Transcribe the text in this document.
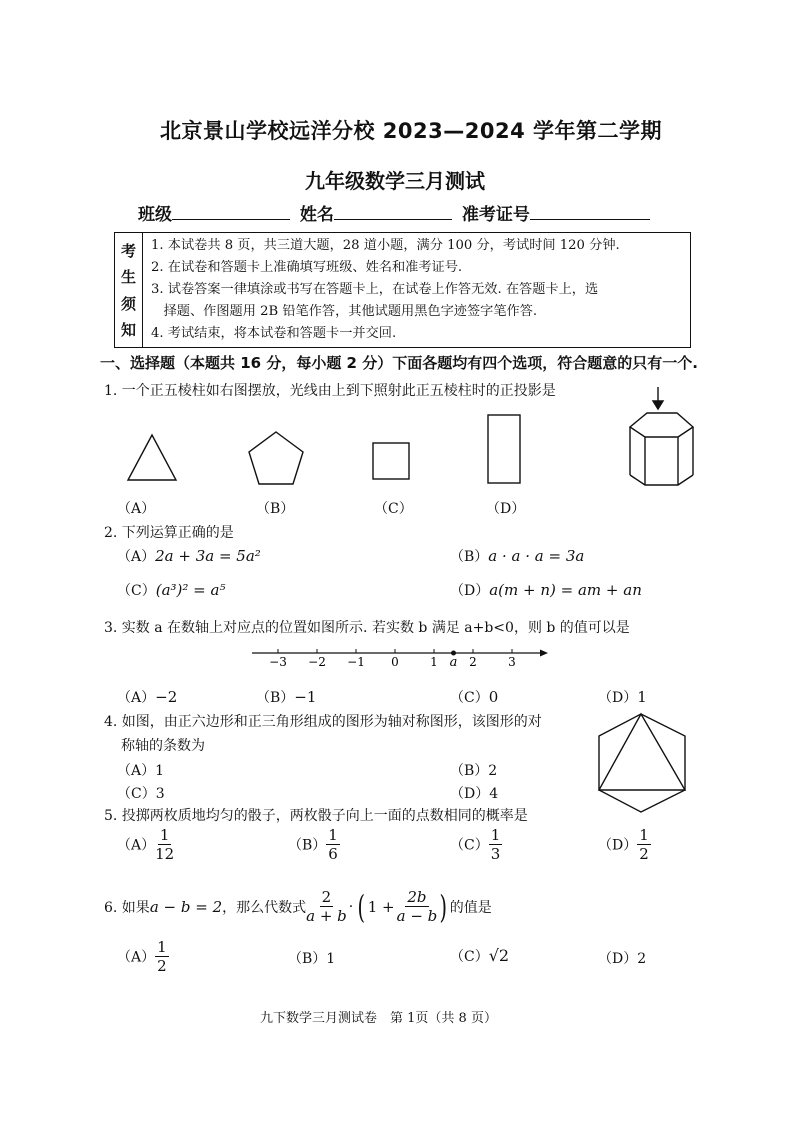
北京景山学校远洋分校 2023—2024 学年第二学期
九年级数学三月测试
班级	姓名	准考证号
考
生
须
知
1. 本试卷共 8 页，共三道大题，28 道小题，满分 100 分，考试时间 120 分钟.
2. 在试卷和答题卡上准确填写班级、姓名和准考证号.
3. 试卷答案一律填涂或书写在答题卡上，在试卷上作答无效. 在答题卡上，选
择题、作图题用 2B 铅笔作答，其他试题用黑色字迹签字笔作答.
4. 考试结束，将本试卷和答题卡一并交回.
一、选择题（本题共 16 分，每小题 2 分）下面各题均有四个选项，符合题意的只有一个.
1. 一个正五棱柱如右图摆放，光线由上到下照射此正五棱柱时的正投影是
（A）	（B）	（C）	（D）
2. 下列运算正确的是
（A）2a + 3a = 5a²	（B）a · a · a = 3a
（C）(a³)² = a⁵	（D）a(m + n) = am + an
3. 实数 a 在数轴上对应点的位置如图所示. 若实数 b 满足 a+b<0，则 b 的值可以是
−3 −2 −1 0	1	2	3
a
（A）−2	（B）−1	（C）0	（D）1
4. 如图，由正六边形和正三角形组成的图形为轴对称图形，该图形的对
称轴的条数为
（A）1	（B）2
（C）3	（D）4
5. 投掷两枚质地均匀的骰子，两枚骰子向上一面的点数相同的概率是
$(A) \frac{1}{12}$	$(B) \frac{1}{6}$	$(C) \frac{1}{3}$	$(D) \frac{1}{2}$
6. 如果 a − b = 2 ，那么代数式 $\frac{2}{a + b}$ · ( $1 + \frac{2b}{a - b}$ ) 的值是
$(A) \frac{1}{2}$	（B）1	（C）√2	（D）2
九下数学三月测试卷　第 1页（共 8 页）
